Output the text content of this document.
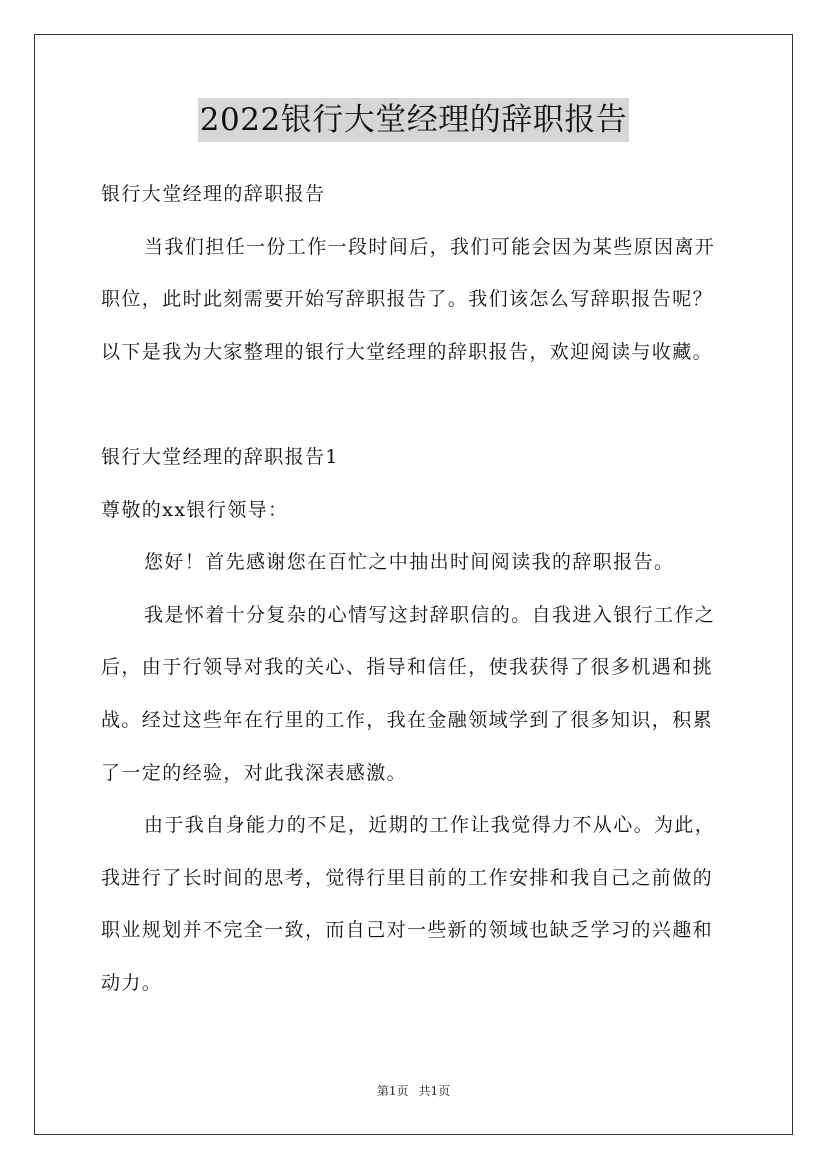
2022银行大堂经理的辞职报告
银行大堂经理的辞职报告
当我们担任一份工作一段时间后，我们可能会因为某些原因离开
职位，此时此刻需要开始写辞职报告了。我们该怎么写辞职报告呢？
以下是我为大家整理的银行大堂经理的辞职报告，欢迎阅读与收藏。
银行大堂经理的辞职报告1
尊敬的xx银行领导：
您好！首先感谢您在百忙之中抽出时间阅读我的辞职报告。
我是怀着十分复杂的心情写这封辞职信的。自我进入银行工作之
后，由于行领导对我的关心、指导和信任，使我获得了很多机遇和挑
战。经过这些年在行里的工作，我在金融领域学到了很多知识，积累
了一定的经验，对此我深表感激。
由于我自身能力的不足，近期的工作让我觉得力不从心。为此，
我进行了长时间的思考，觉得行里目前的工作安排和我自己之前做的
职业规划并不完全一致，而自己对一些新的领域也缺乏学习的兴趣和
动力。
第1页 共1页
